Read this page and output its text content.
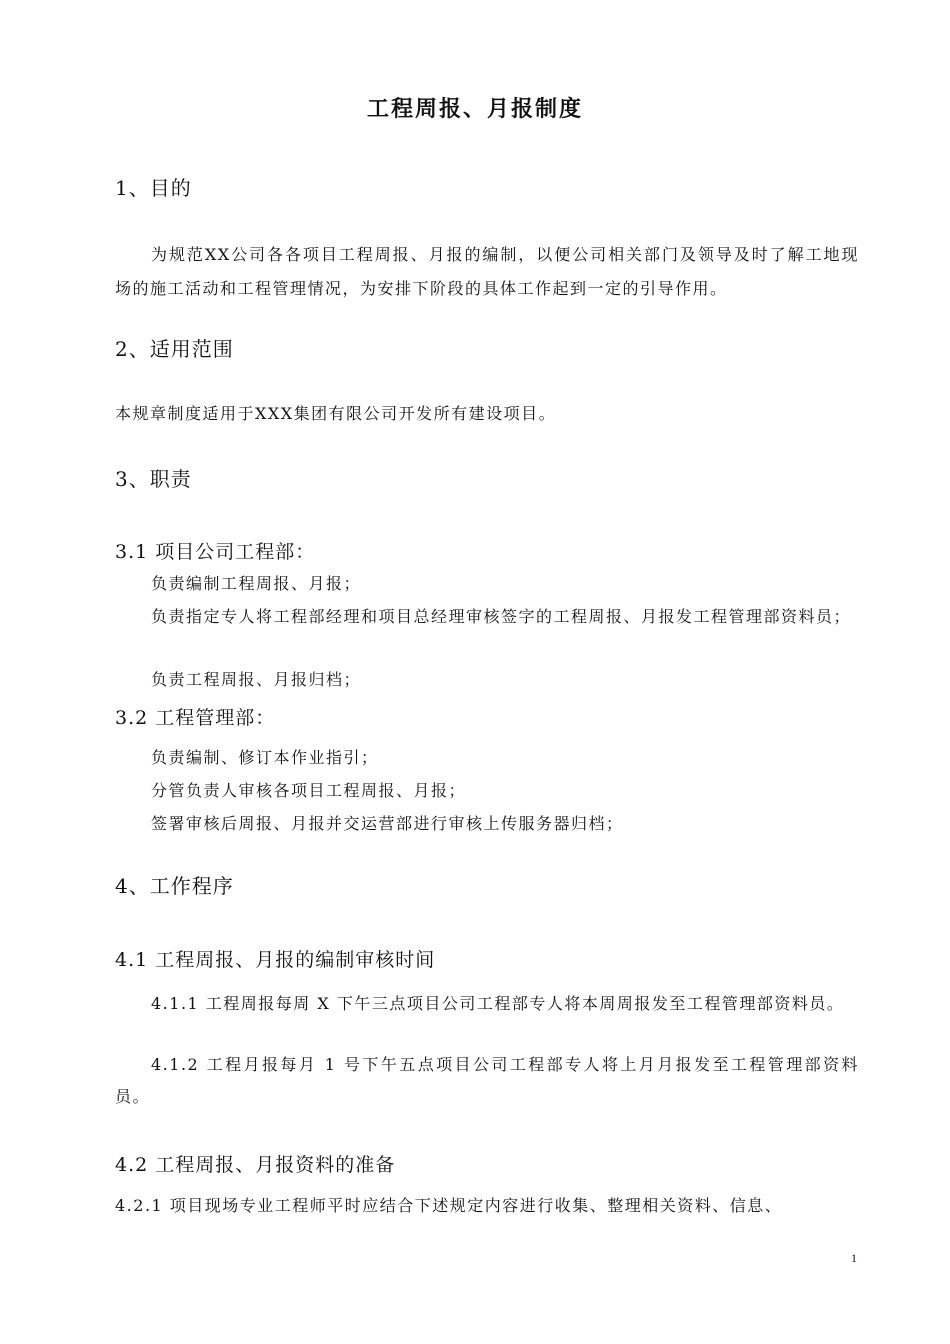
工程周报、月报制度
1、目的

为规范XX公司各各项目工程周报、月报的编制，以便公司相关部门及领导及时了解工地现场的施工活动和工程管理情况，为安排下阶段的具体工作起到一定的引导作用。

2、适用范围

本规章制度适用于XXX集团有限公司开发所有建设项目。

3、职责
3.1 项目公司工程部：

负责编制工程周报、月报；

负责指定专人将工程部经理和项目总经理审核签字的工程周报、月报发工程管理部资料员；

负责工程周报、月报归档；

3.2 工程管理部：

负责编制、修订本作业指引；

分管负责人审核各项目工程周报、月报；

签署审核后周报、月报并交运营部进行审核上传服务器归档；

4、工作程序
4.1 工程周报、月报的编制审核时间

4.1.1 工程周报每周 X 下午三点项目公司工程部专人将本周周报发至工程管理部资料员。

4.1.2 工程月报每月 1 号下午五点项目公司工程部专人将上月月报发至工程管理部资料员。

4.2 工程周报、月报资料的准备

4.2.1 项目现场专业工程师平时应结合下述规定内容进行收集、整理相关资料、信息、

1
